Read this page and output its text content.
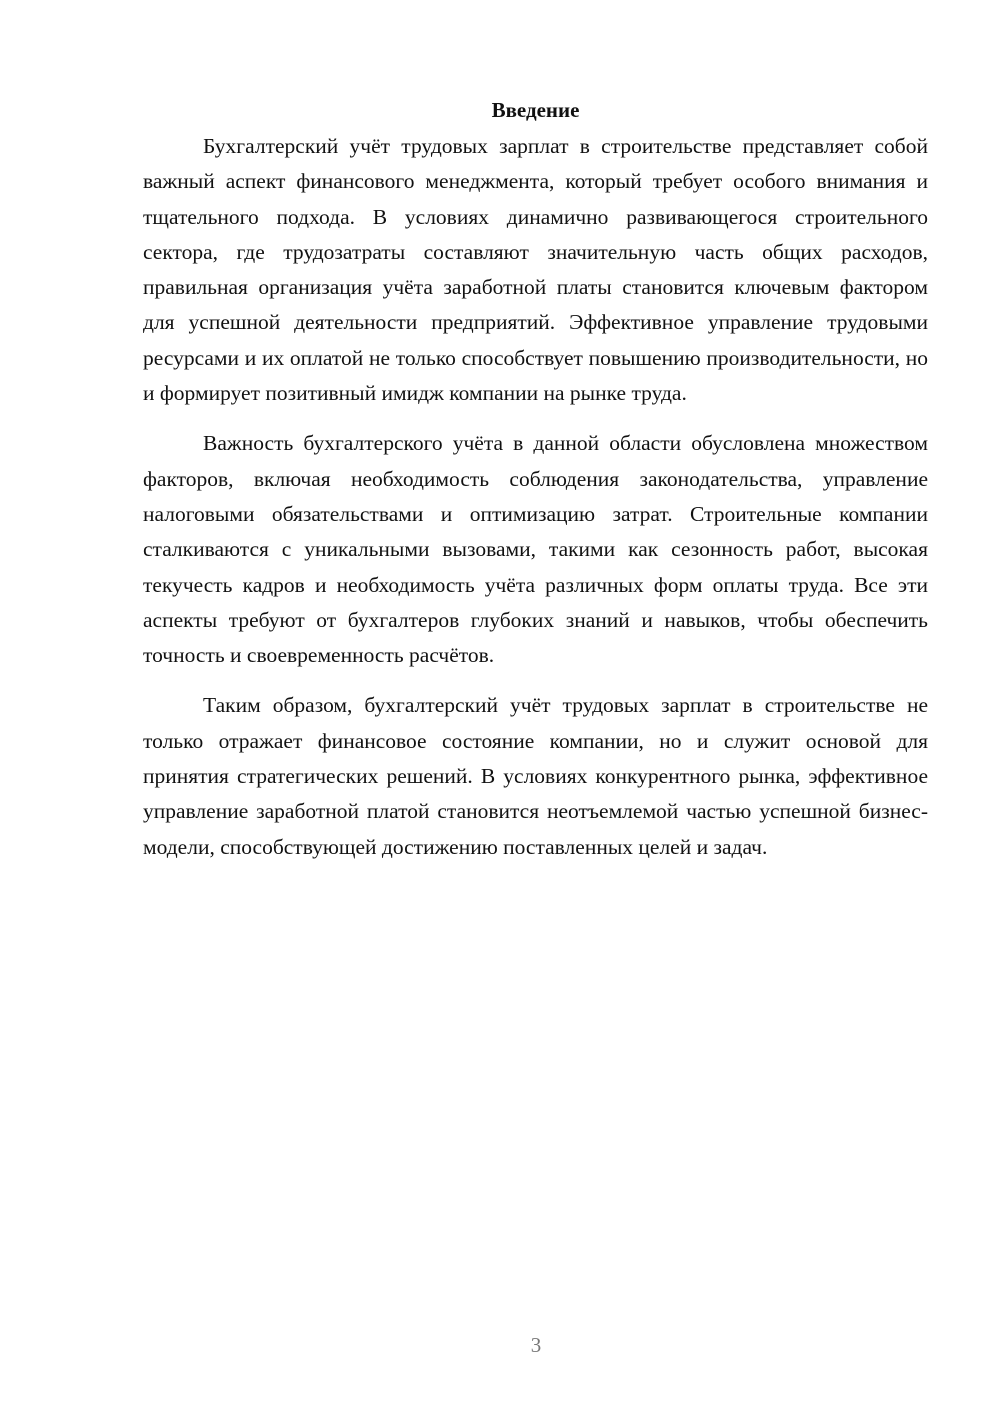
Введение

Бухгалтерский учёт трудовых зарплат в строительстве представляет собой важный аспект финансового менеджмента, который требует особого внимания и тщательного подхода. В условиях динамично развивающегося строительного сектора, где трудозатраты составляют значительную часть общих расходов, правильная организация учёта заработной платы становится ключевым фактором для успешной деятельности предприятий. Эффективное управление трудовыми ресурсами и их оплатой не только способствует повышению производительности, но и формирует позитивный имидж компании на рынке труда.

Важность бухгалтерского учёта в данной области обусловлена множеством факторов, включая необходимость соблюдения законодательства, управление налоговыми обязательствами и оптимизацию затрат. Строительные компании сталкиваются с уникальными вызовами, такими как сезонность работ, высокая текучесть кадров и необходимость учёта различных форм оплаты труда. Все эти аспекты требуют от бухгалтеров глубоких знаний и навыков, чтобы обеспечить точность и своевременность расчётов.

Таким образом, бухгалтерский учёт трудовых зарплат в строительстве не только отражает финансовое состояние компании, но и служит основой для принятия стратегических решений. В условиях конкурентного рынка, эффективное управление заработной платой становится неотъемлемой частью успешной бизнес-модели, способствующей достижению поставленных целей и задач.

3
